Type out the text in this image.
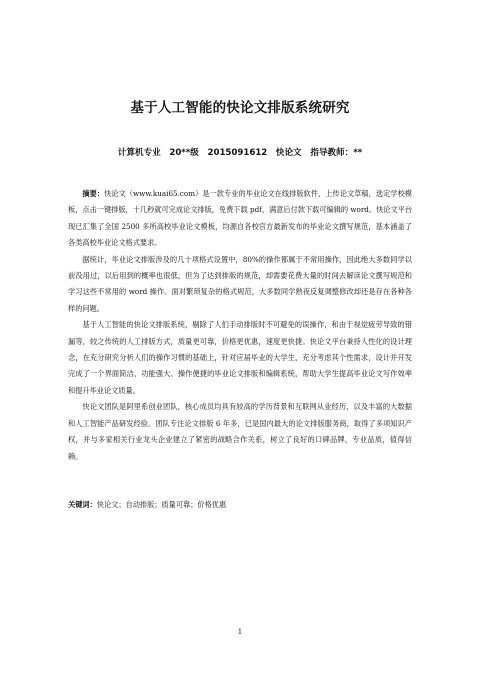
基于人工智能的快论文排版系统研究
计算机专业　20**级　2015091612　快论文　指导教师：**

摘要：快论文（www.kuai65.com）是一款专业的毕业论文在线排版软件，上传论文草稿，选定学校模板，点击一键排版，十几秒就可完成论文排版，免费下载 pdf，满意后付款下载可编辑的 word。快论文平台现已汇集了全国 2500 多所高校毕业论文模板，均源自各校官方最新发布的毕业论文撰写规范，基本涵盖了各类高校毕业论文格式要求。

据统计，毕业论文排版涉及的几十项格式设置中，80%的操作都属于不常用操作，因此绝大多数同学以前没用过，以后用到的概率也很低，但为了达到排版的规范，却需要花费大量的时间去解读论文撰写规范和学习这些不常用的 word 操作。面对繁琐复杂的格式规范，大多数同学熟夜反复调整修改却还是存在各种各样的问题。

基于人工智能的快论文排版系统，剔除了人们手动排版时不可避免的误操作，和由于视觉疲劳导致的错漏等，较之传统的人工排版方式，质量更可靠，价格更优惠，速度更快捷。快论文平台秉持人性化的设计理念，在充分研究分析人们的操作习惯的基础上，针对应届毕业的大学生，充分考虑其个性需求，设计并开发完成了一个界面简洁、功能强大、操作便捷的毕业论文排版和编辑系统，帮助大学生提高毕业论文写作效率和提升毕业论文质量。

快论文团队是阿里系创业团队，核心成员均具有较高的学历背景和互联网从业经历，以及丰富的大数据和人工智能产品研发经验。团队专注论文排版 6 年多，已是国内最大的论文排版服务商，取得了多项知识产权，并与多家相关行业龙头企业建立了紧密的战略合作关系，树立了良好的口碑品牌，专业品质，值得信赖。

关键词：快论文；自动排版；质量可靠；价格优惠
1
